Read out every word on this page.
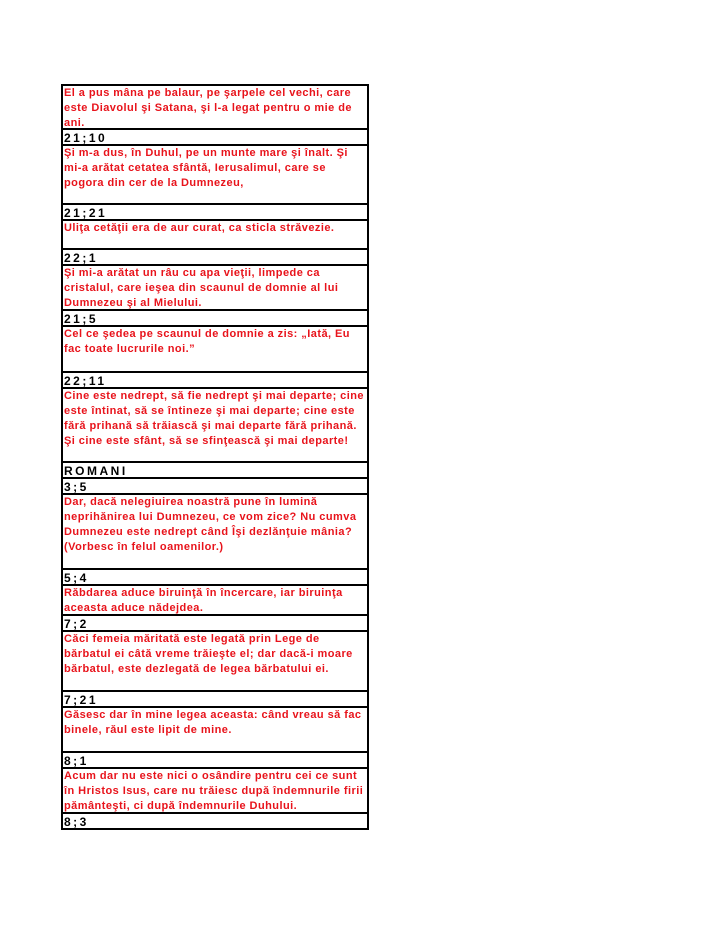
El a pus mâna pe balaur, pe şarpele cel vechi, care este Diavolul şi Satana, şi l-a legat pentru o mie de ani.
21;10
Şi m-a dus, în Duhul, pe un munte mare şi înalt. Şi mi-a arătat cetatea sfântă, Ierusalimul, care se pogora din cer de la Dumnezeu,
21;21
Uliţa cetăţii era de aur curat, ca sticla străvezie.
22;1
Şi mi-a arătat un râu cu apa vieţii, limpede ca cristalul, care ieşea din scaunul de domnie al lui Dumnezeu şi al Mielului.
21;5
Cel ce şedea pe scaunul de domnie a zis: „Iată, Eu fac toate lucrurile noi.”
22;11
Cine este nedrept, să fie nedrept şi mai departe; cine este întinat, să se întineze şi mai departe; cine este fără prihană să trăiască şi mai departe fără prihană. Şi cine este sfânt, să se sfinţească şi mai departe!
ROMANI
3;5
Dar, dacă nelegiuirea noastră pune în lumină neprihănirea lui Dumnezeu, ce vom zice? Nu cumva Dumnezeu este nedrept când Îşi dezlănţuie mânia? (Vorbesc în felul oamenilor.)
5;4
Răbdarea aduce biruinţă în încercare, iar biruinţa aceasta aduce nădejdea.
7;2
Căci femeia măritată este legată prin Lege de bărbatul ei câtă vreme trăieşte el; dar dacă-i moare bărbatul, este dezlegată de legea bărbatului ei.
7;21
Găsesc dar în mine legea aceasta: când vreau să fac binele, răul este lipit de mine.
8;1
Acum dar nu este nici o osândire pentru cei ce sunt în Hristos Isus, care nu trăiesc după îndemnurile firii pământeşti, ci după îndemnurile Duhului.
8;3
